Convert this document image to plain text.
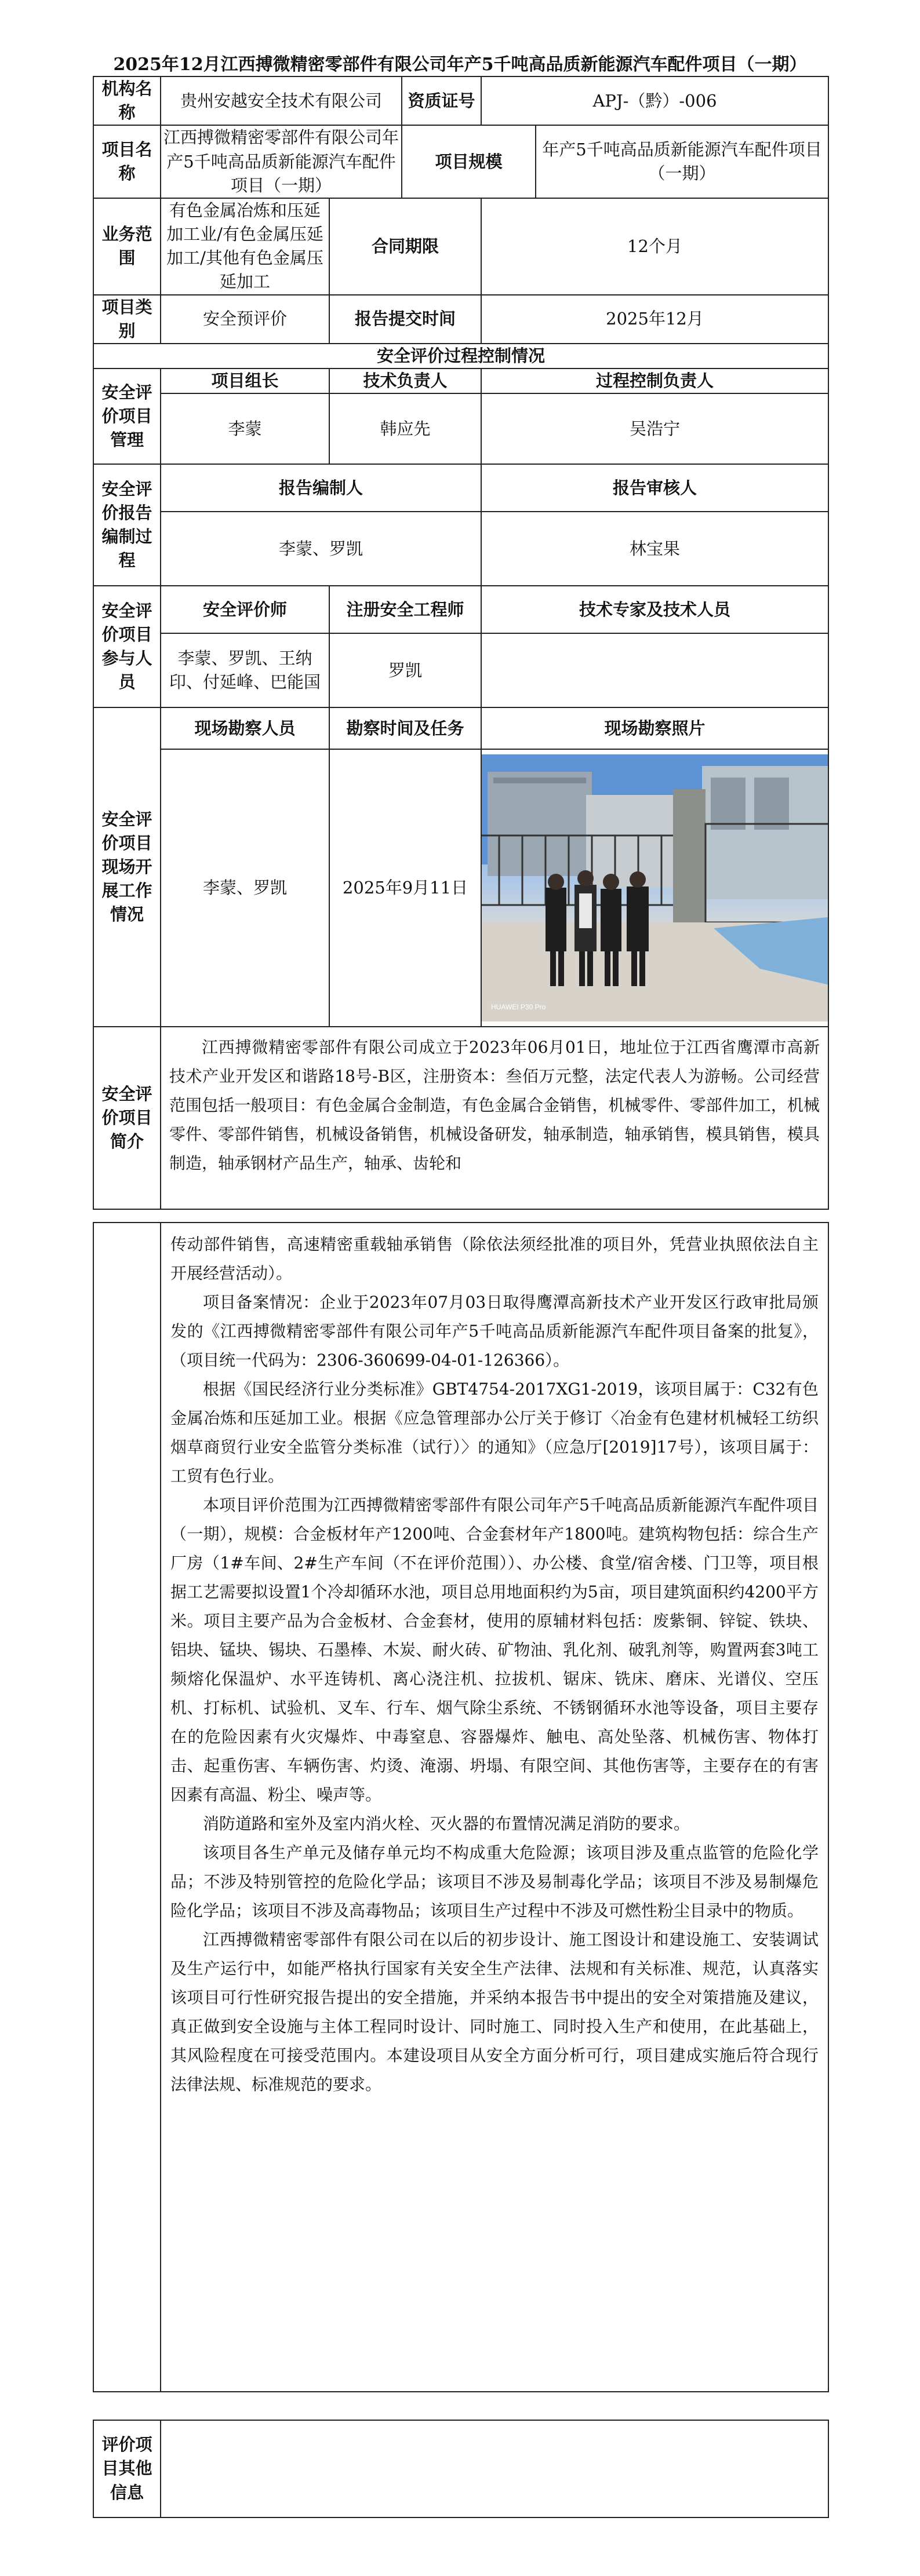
2025年12月江西搏微精密零部件有限公司年产5千吨高品质新能源汽车配件项目（一期）
机构名称	贵州安越安全技术有限公司		资质证号	APJ-（黔）-006	
项目名称	江西搏微精密零部件有限公司年产5千吨高品质新能源汽车配件项目（一期）		项目规模		年产5千吨高品质新能源汽车配件项目（一期）
业务范围	有色金属冶炼和压延加工业/有色金属压延加工/其他有色金属压延加工	合同期限		12个月	
项目类别	安全预评价	报告提交时间		2025年12月	
安全评价过程控制情况					
安全评价项目管理	项目组长	技术负责人		过程控制负责人	
	李蒙	韩应先		吴浩宁	
安全评价报告编制过程	报告编制人			报告审核人	
	李蒙、罗凯			林宝果	
安全评价项目参与人员	安全评价师	注册安全工程师		技术专家及技术人员	
	李蒙、罗凯、王纳印、付延峰、巴能国	罗凯			
安全评价项目现场开展工作情况	现场勘察人员	勘察时间及任务		现场勘察照片	
	李蒙、罗凯	2025年9月11日		HUAWEI P30 Pro	

安全评价项目简介	江西搏微精密零部件有限公司成立于2023年06月01日，地址位于江西省鹰潭市高新技术产业开发区和谐路18号-B区，注册资本：叁佰万元整，法定代表人为游畅。公司经营范围包括一般项目：有色金属合金制造，有色金属合金销售，机械零件、零部件加工，机械零件、零部件销售，机械设备销售，机械设备研发，轴承制造，轴承销售，模具销售，模具制造，轴承钢材产品生产，轴承、齿轮和				

传动部件销售，高速精密重载轴承销售（除依法须经批准的项目外，凭营业执照依法自主开展经营活动）。

项目备案情况：企业于2023年07月03日取得鹰潭高新技术产业开发区行政审批局颁发的《江西搏微精密零部件有限公司年产5千吨高品质新能源汽车配件项目备案的批复》，（项目统一代码为：2306-360699-04-01-126366）。

根据《国民经济行业分类标准》GBT4754-2017XG1-2019，该项目属于：C32有色金属冶炼和压延加工业。根据《应急管理部办公厅关于修订〈冶金有色建材机械轻工纺织烟草商贸行业安全监管分类标准（试行）〉的通知》（应急厅[2019]17号），该项目属于：工贸有色行业。

本项目评价范围为江西搏微精密零部件有限公司年产5千吨高品质新能源汽车配件项目（一期），规模：合金板材年产1200吨、合金套材年产1800吨。建筑构物包括：综合生产厂房（1#车间、2#生产车间（不在评价范围））、办公楼、食堂/宿舍楼、门卫等，项目根据工艺需要拟设置1个冷却循环水池，项目总用地面积约为5亩，项目建筑面积约4200平方米。项目主要产品为合金板材、合金套材，使用的原辅材料包括：废紫铜、锌锭、铁块、铝块、锰块、锡块、石墨棒、木炭、耐火砖、矿物油、乳化剂、破乳剂等，购置两套3吨工频熔化保温炉、水平连铸机、离心浇注机、拉拔机、锯床、铣床、磨床、光谱仪、空压机、打标机、试验机、叉车、行车、烟气除尘系统、不锈钢循环水池等设备，项目主要存在的危险因素有火灾爆炸、中毒窒息、容器爆炸、触电、高处坠落、机械伤害、物体打击、起重伤害、车辆伤害、灼烫、淹溺、坍塌、有限空间、其他伤害等，主要存在的有害因素有高温、粉尘、噪声等。

消防道路和室外及室内消火栓、灭火器的布置情况满足消防的要求。

该项目各生产单元及储存单元均不构成重大危险源；该项目涉及重点监管的危险化学品；不涉及特别管控的危险化学品；该项目不涉及易制毒化学品；该项目不涉及易制爆危险化学品；该项目不涉及高毒物品；该项目生产过程中不涉及可燃性粉尘目录中的物质。

江西搏微精密零部件有限公司在以后的初步设计、施工图设计和建设施工、安装调试及生产运行中，如能严格执行国家有关安全生产法律、法规和有关标准、规范，认真落实该项目可行性研究报告提出的安全措施，并采纳本报告书中提出的安全对策措施及建议，真正做到安全设施与主体工程同时设计、同时施工、同时投入生产和使用，在此基础上，其风险程度在可接受范围内。本建设项目从安全方面分析可行，项目建成实施后符合现行法律法规、标准规范的要求。

评价项目其他信息	
